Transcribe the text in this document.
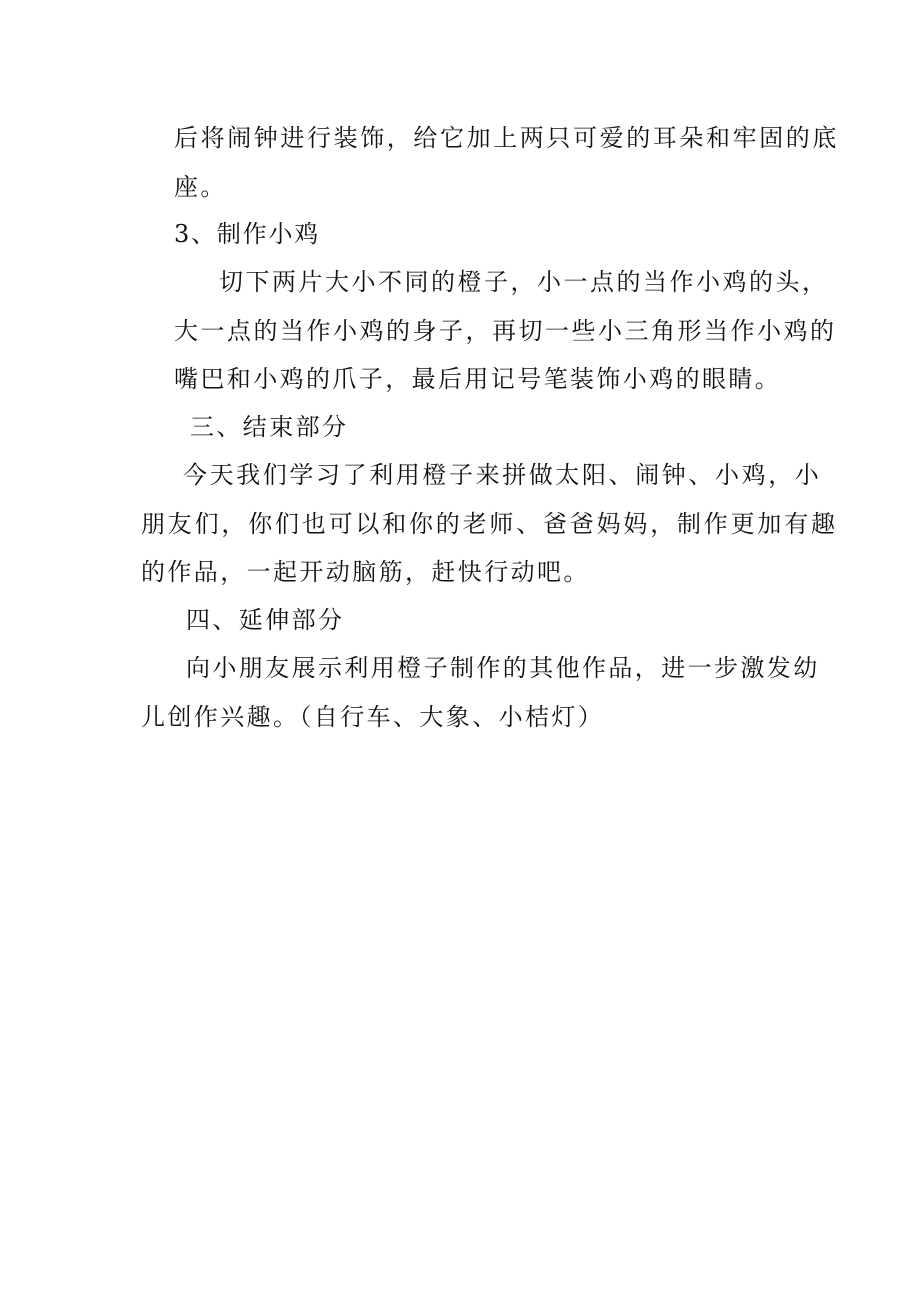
后将闹钟进行装饰，给它加上两只可爱的耳朵和牢固的底
座。
3、制作小鸡
切下两片大小不同的橙子，小一点的当作小鸡的头，
大一点的当作小鸡的身子，再切一些小三角形当作小鸡的
嘴巴和小鸡的爪子，最后用记号笔装饰小鸡的眼睛。
三、结束部分
今天我们学习了利用橙子来拼做太阳、闹钟、小鸡，小
朋友们，你们也可以和你的老师、爸爸妈妈，制作更加有趣
的作品，一起开动脑筋，赶快行动吧。
四、延伸部分
向小朋友展示利用橙子制作的其他作品，进一步激发幼
儿创作兴趣。（自行车、大象、小桔灯）
